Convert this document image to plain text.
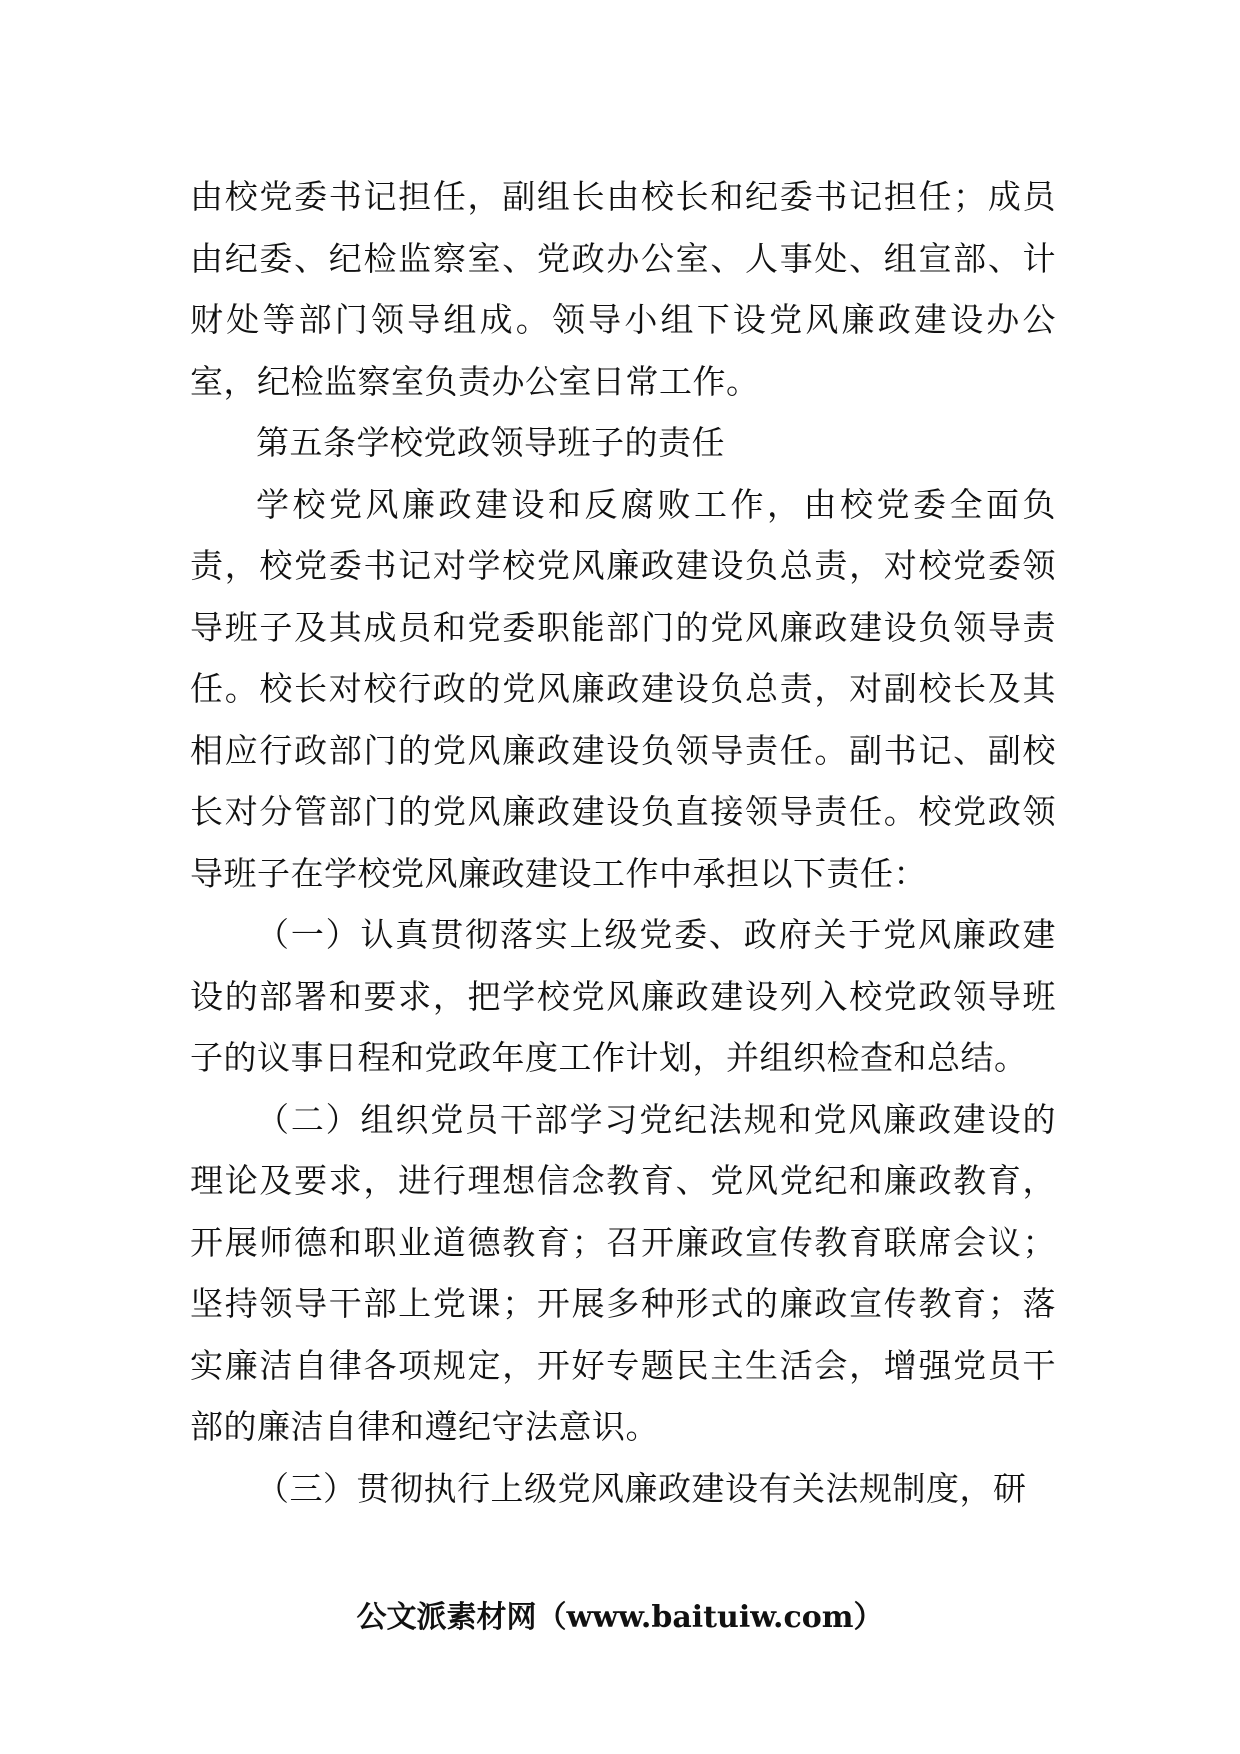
由校党委书记担任，副组长由校长和纪委书记担任；成员由纪委、纪检监察室、党政办公室、人事处、组宣部、计财处等部门领导组成。领导小组下设党风廉政建设办公室，纪检监察室负责办公室日常工作。

第五条学校党政领导班子的责任

学校党风廉政建设和反腐败工作，由校党委全面负责，校党委书记对学校党风廉政建设负总责，对校党委领导班子及其成员和党委职能部门的党风廉政建设负领导责任。校长对校行政的党风廉政建设负总责，对副校长及其相应行政部门的党风廉政建设负领导责任。副书记、副校长对分管部门的党风廉政建设负直接领导责任。校党政领导班子在学校党风廉政建设工作中承担以下责任：

（一）认真贯彻落实上级党委、政府关于党风廉政建设的部署和要求，把学校党风廉政建设列入校党政领导班子的议事日程和党政年度工作计划，并组织检查和总结。

（二）组织党员干部学习党纪法规和党风廉政建设的理论及要求，进行理想信念教育、党风党纪和廉政教育，开展师德和职业道德教育；召开廉政宣传教育联席会议；坚持领导干部上党课；开展多种形式的廉政宣传教育；落实廉洁自律各项规定，开好专题民主生活会，增强党员干部的廉洁自律和遵纪守法意识。

（三）贯彻执行上级党风廉政建设有关法规制度，研

公文派素材网（www.baituiw.com）
